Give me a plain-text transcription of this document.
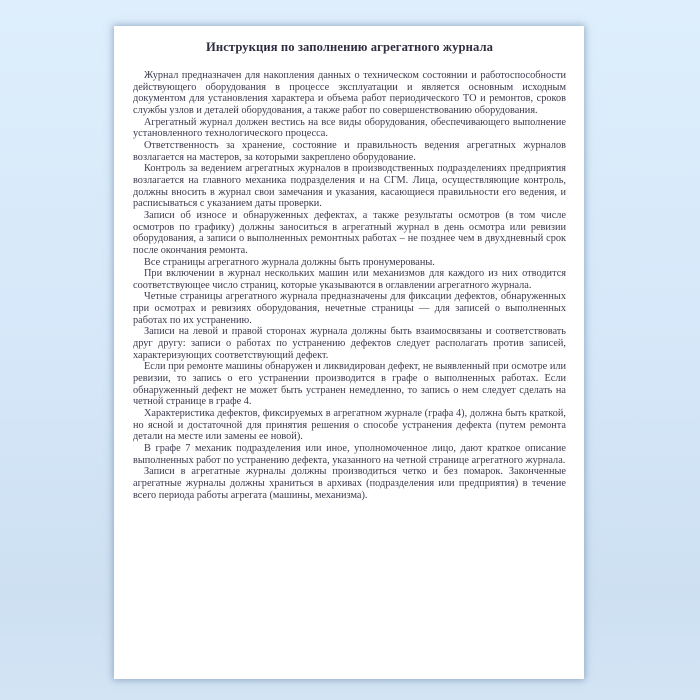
Инструкция по заполнению агрегатного журнала

Журнал предназначен для накопления данных о техническом состоянии и работоспособности действующего оборудования в процессе эксплуатации и является основным исходным документом для установления характера и объема работ периодического ТО и ремонтов, сроков службы узлов и деталей оборудования, а также работ по совершенствованию оборудования.

Агрегатный журнал должен вестись на все виды оборудования, обеспечивающего выполнение установленного технологического процесса.

Ответственность за хранение, состояние и правильность ведения агрегатных журналов возлагается на мастеров, за которыми закреплено оборудование.

Контроль за ведением агрегатных журналов в производственных подразделениях предприятия возлагается на главного механика подразделения и на СГМ. Лица, осуществляющие контроль, должны вносить в журнал свои замечания и указания, касающиеся правильности его ведения, и расписываться с указанием даты проверки.

Записи об износе и обнаруженных дефектах, а также результаты осмотров (в том числе осмотров по графику) должны заноситься в агрегатный журнал в день осмотра или ревизии оборудования, а записи о выполненных ремонтных работах – не позднее чем в двухдневный срок после окончания ремонта.

Все страницы агрегатного журнала должны быть пронумерованы.

При включении в журнал нескольких машин или механизмов для каждого из них отводится соответствующее число страниц, которые указываются в оглавлении агрегатного журнала.

Четные страницы агрегатного журнала предназначены для фиксации дефектов, обнаруженных при осмотрах и ревизиях оборудования, нечетные страницы — для записей о выполненных работах по их устранению.

Записи на левой и правой сторонах журнала должны быть взаимосвязаны и соответствовать друг другу: записи о работах по устранению дефектов следует располагать против записей, характеризующих соответствующий дефект.

Если при ремонте машины обнаружен и ликвидирован дефект, не выявленный при осмотре или ревизии, то запись о его устранении производится в графе о выполненных работах. Если обнаруженный дефект не может быть устранен немедленно, то запись о нем следует сделать на четной странице в графе 4.

Характеристика дефектов, фиксируемых в агрегатном журнале (графа 4), должна быть краткой, но ясной и достаточной для принятия решения о способе устранения дефекта (путем ремонта детали на месте или замены ее новой).

В графе 7 механик подразделения или иное, уполномоченное лицо, дают краткое описание выполненных работ по устранению дефекта, указанного на четной странице агрегатного журнала.

Записи в агрегатные журналы должны производиться четко и без помарок. Законченные агрегатные журналы должны храниться в архивах (подразделения или предприятия) в течение всего периода работы агрегата (машины, механизма).
